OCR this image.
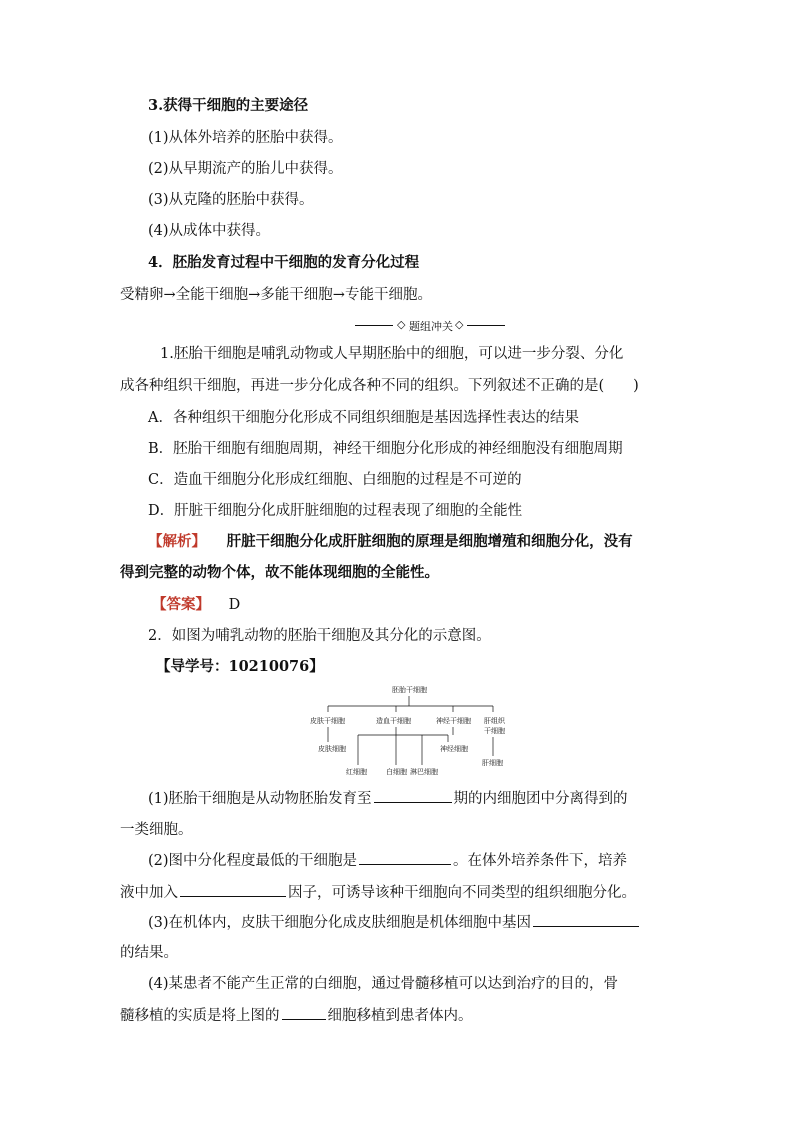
3.获得干细胞的主要途径
(1)从体外培养的胚胎中获得。
(2)从早期流产的胎儿中获得。
(3)从克隆的胚胎中获得。
(4)从成体中获得。
4．胚胎发育过程中干细胞的发育分化过程
受精卵→全能干细胞→多能干细胞→专能干细胞。
◇ 题组冲关 ◇
1.胚胎干细胞是哺乳动物或人早期胚胎中的细胞，可以进一步分裂、分化
成各种组织干细胞，再进一步分化成各种不同的组织。下列叙述不正确的是(　　)
A．各种组织干细胞分化形成不同组织细胞是基因选择性表达的结果
B．胚胎干细胞有细胞周期，神经干细胞分化形成的神经细胞没有细胞周期
C．造血干细胞分化形成红细胞、白细胞的过程是不可逆的
D．肝脏干细胞分化成肝脏细胞的过程表现了细胞的全能性
【解析】 肝脏干细胞分化成肝脏细胞的原理是细胞增殖和细胞分化，没有
得到完整的动物个体，故不能体现细胞的全能性。
【答案】 D
2．如图为哺乳动物的胚胎干细胞及其分化的示意图。
【导学号：10210076】
胚胎干细胞
皮肤干细胞	造血干细胞	神经干细胞 肝组织
干细胞
皮肤细胞	神经细胞
红细胞	白细胞 淋巴细胞
肝细胞
(1)胚胎干细胞是从动物胚胎发育至	期的内细胞团中分离得到的
一类细胞。
(2)图中分化程度最低的干细胞是	。在体外培养条件下，培养
液中加入	因子，可诱导该种干细胞向不同类型的组织细胞分化。
(3)在机体内，皮肤干细胞分化成皮肤细胞是机体细胞中基因
的结果。
(4)某患者不能产生正常的白细胞，通过骨髓移植可以达到治疗的目的，骨
髓移植的实质是将上图的	细胞移植到患者体内。
